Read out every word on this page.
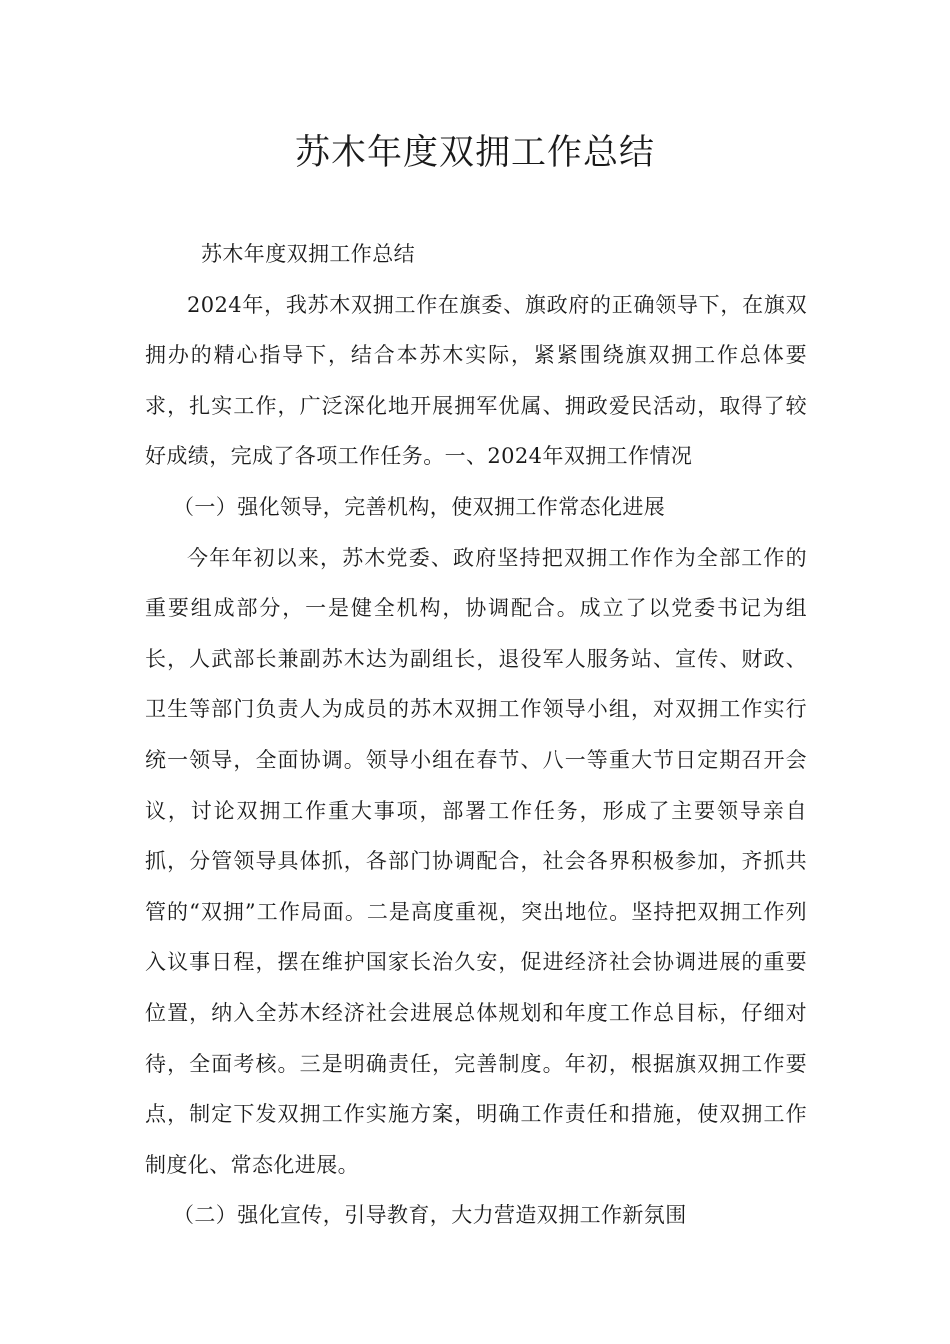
苏木年度双拥工作总结

苏木年度双拥工作总结

2024年，我苏木双拥工作在旗委、旗政府的正确领导下，在旗双拥办的精心指导下，结合本苏木实际，紧紧围绕旗双拥工作总体要求，扎实工作，广泛深化地开展拥军优属、拥政爱民活动，取得了较好成绩，完成了各项工作任务。一、2024年双拥工作情况

（一）强化领导，完善机构，使双拥工作常态化进展

今年年初以来，苏木党委、政府坚持把双拥工作作为全部工作的重要组成部分，一是健全机构，协调配合。成立了以党委书记为组长，人武部长兼副苏木达为副组长，退役军人服务站、宣传、财政、卫生等部门负责人为成员的苏木双拥工作领导小组，对双拥工作实行统一领导，全面协调。领导小组在春节、八一等重大节日定期召开会议，讨论双拥工作重大事项，部署工作任务，形成了主要领导亲自抓，分管领导具体抓，各部门协调配合，社会各界积极参加，齐抓共管的“双拥”工作局面。二是高度重视，突出地位。坚持把双拥工作列入议事日程，摆在维护国家长治久安，促进经济社会协调进展的重要位置，纳入全苏木经济社会进展总体规划和年度工作总目标，仔细对待，全面考核。三是明确责任，完善制度。年初，根据旗双拥工作要点，制定下发双拥工作实施方案，明确工作责任和措施，使双拥工作制度化、常态化进展。

（二）强化宣传，引导教育，大力营造双拥工作新氛围
